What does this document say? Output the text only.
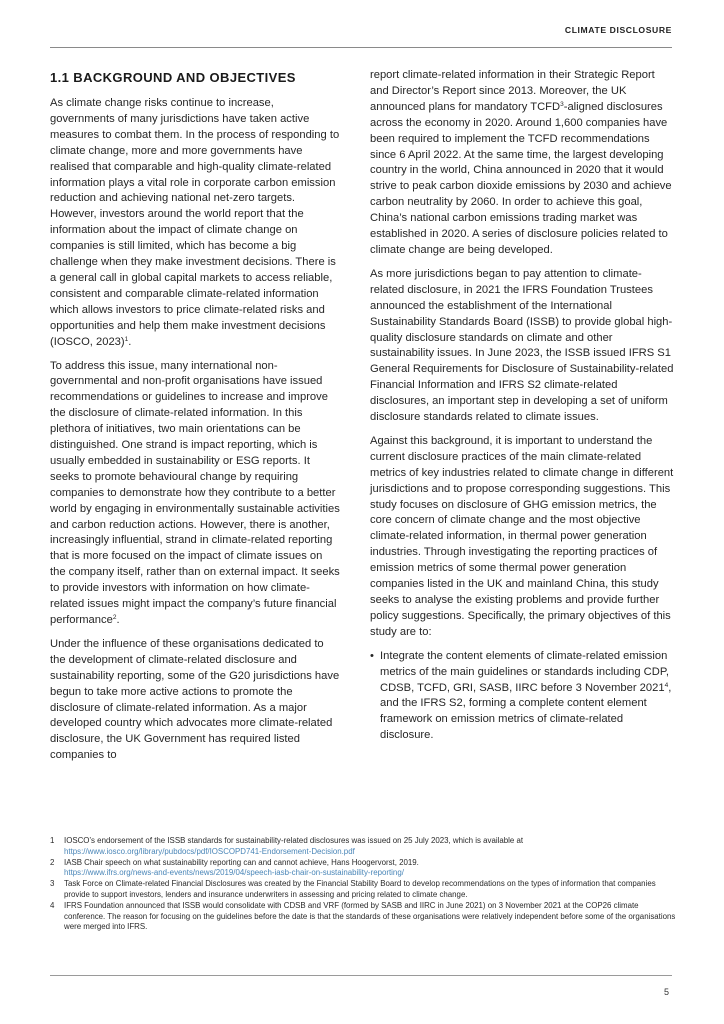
CLIMATE DISCLOSURE
1.1 BACKGROUND AND OBJECTIVES

As climate change risks continue to increase, governments of many jurisdictions have taken active measures to combat them. In the process of responding to climate change, more and more governments have realised that comparable and high-quality climate-related information plays a vital role in corporate carbon emission reduction and achieving national net-zero targets. However, investors around the world report that the information about the impact of climate change on companies is still limited, which has become a big challenge when they make investment decisions. There is a general call in global capital markets to access reliable, consistent and comparable climate-related information which allows investors to price climate-related risks and opportunities and help them make investment decisions (IOSCO, 2023)$^1$.

To address this issue, many international non-governmental and non-profit organisations have issued recommendations or guidelines to increase and improve the disclosure of climate-related information. In this plethora of initiatives, two main orientations can be distinguished. One strand is impact reporting, which is usually embedded in sustainability or ESG reports. It seeks to promote behavioural change by requiring companies to demonstrate how they contribute to a better world by engaging in environmentally sustainable activities and carbon reduction actions. However, there is another, increasingly influential, strand in climate-related reporting that is more focused on the impact of climate issues on the company itself, rather than on external impact. It seeks to provide investors with information on how climate-related issues might impact the company’s future financial performance$^2$.

Under the influence of these organisations dedicated to the development of climate-related disclosure and sustainability reporting, some of the G20 jurisdictions have begun to take more active actions to promote the disclosure of climate-related information. As a major developed country which advocates more climate-related disclosure, the UK Government has required listed companies to

report climate-related information in their Strategic Report and Director’s Report since 2013. Moreover, the UK announced plans for mandatory TCFD$^3$-aligned disclosures across the economy in 2020. Around 1,600 companies have been required to implement the TCFD recommendations since 6 April 2022. At the same time, the largest developing country in the world, China announced in 2020 that it would strive to peak carbon dioxide emissions by 2030 and achieve carbon neutrality by 2060. In order to achieve this goal, China’s national carbon emissions trading market was established in 2020. A series of disclosure policies related to climate change are being developed.

As more jurisdictions began to pay attention to climate-related disclosure, in 2021 the IFRS Foundation Trustees announced the establishment of the International Sustainability Standards Board (ISSB) to provide global high-quality disclosure standards on climate and other sustainability issues. In June 2023, the ISSB issued IFRS S1 General Requirements for Disclosure of Sustainability-related Financial Information and IFRS S2 climate-related disclosures, an important step in developing a set of uniform disclosure standards related to climate issues.

Against this background, it is important to understand the current disclosure practices of the main climate-related metrics of key industries related to climate change in different jurisdictions and to propose corresponding suggestions. This study focuses on disclosure of GHG emission metrics, the core concern of climate change and the most objective climate-related information, in thermal power generation industries. Through investigating the reporting practices of emission metrics of some thermal power generation companies listed in the UK and mainland China, this study seeks to analyse the existing problems and provide further policy suggestions. Specifically, the primary objectives of this study are to:

• Integrate the content elements of climate-related emission metrics of the main guidelines or standards including CDP, CDSB, TCFD, GRI, SASB, IIRC before 3 November 2021$^4$, and the IFRS S2, forming a complete content element framework on emission metrics of climate-related disclosure.
1 IOSCO’s endorsement of the ISSB standards for sustainability-related disclosures was issued on 25 July 2023, which is available at
https://www.iosco.org/library/pubdocs/pdf/IOSCOPD741-Endorsement-Decision.pdf
2 IASB Chair speech on what sustainability reporting can and cannot achieve, Hans Hoogervorst, 2019.
https://www.ifrs.org/news-and-events/news/2019/04/speech-iasb-chair-on-sustainability-reporting/
3 Task Force on Climate-related Financial Disclosures was created by the Financial Stability Board to develop recommendations on the types of information that companies provide to support investors, lenders and insurance underwriters in assessing and pricing related to climate change.
4 IFRS Foundation announced that ISSB would consolidate with CDSB and VRF (formed by SASB and IIRC in June 2021) on 3 November 2021 at the COP26 climate conference. The reason for focusing on the guidelines before the date is that the standards of these organisations were relatively independent before some of the organisations were merged into IFRS.
5
